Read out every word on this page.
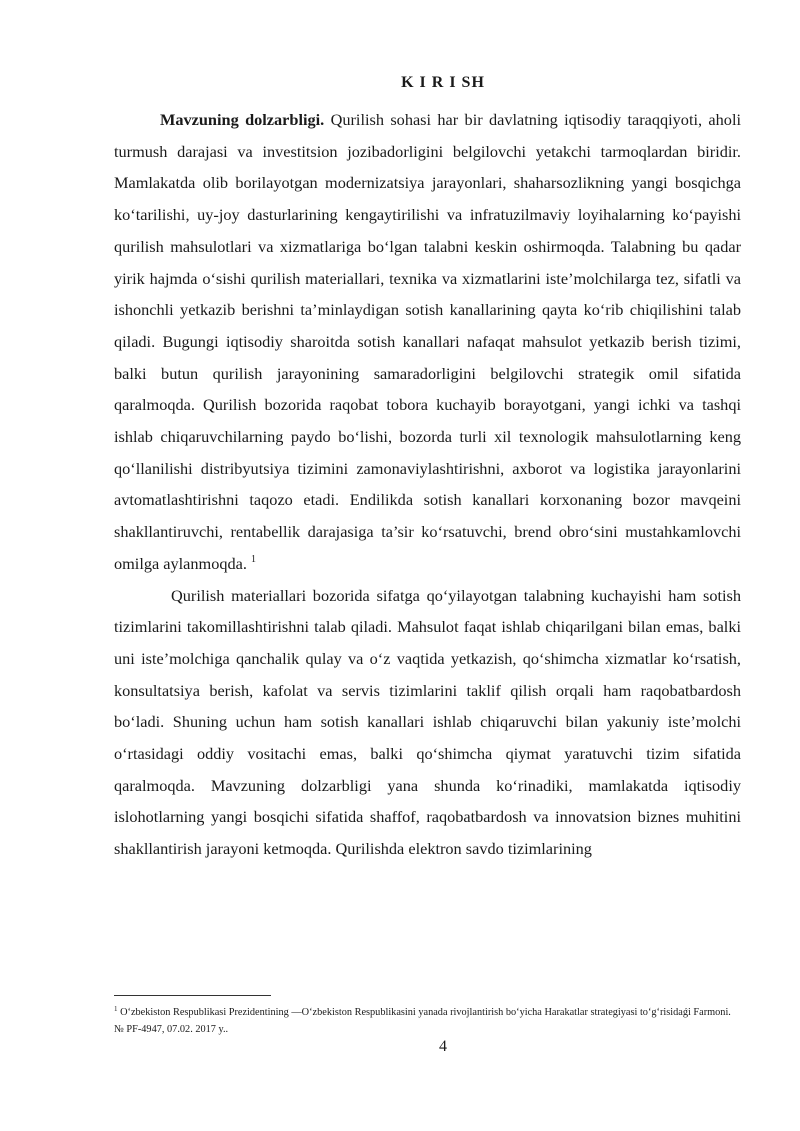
K I R I SH

Mavzuning dolzarbligi. Qurilish sohasi har bir davlatning iqtisodiy taraqqiyoti, aholi turmush darajasi va investitsion jozibadorligini belgilovchi yetakchi tarmoqlardan biridir. Mamlakatda olib borilayotgan modernizatsiya jarayonlari, shaharsozlikning yangi bosqichga ko‘tarilishi, uy-joy dasturlarining kengaytirilishi va infratuzilmaviy loyihalarning ko‘payishi qurilish mahsulotlari va xizmatlariga bo‘lgan talabni keskin oshirmoqda. Talabning bu qadar yirik hajmda o‘sishi qurilish materiallari, texnika va xizmatlarini iste’molchilarga tez, sifatli va ishonchli yetkazib berishni ta’minlaydigan sotish kanallarining qayta ko‘rib chiqilishini talab qiladi. Bugungi iqtisodiy sharoitda sotish kanallari nafaqat mahsulot yetkazib berish tizimi, balki butun qurilish jarayonining samaradorligini belgilovchi strategik omil sifatida qaralmoqda. Qurilish bozorida raqobat tobora kuchayib borayotgani, yangi ichki va tashqi ishlab chiqaruvchilarning paydo bo‘lishi, bozorda turli xil texnologik mahsulotlarning keng qo‘llanilishi distribyutsiya tizimini zamonaviylashtirishni, axborot va logistika jarayonlarini avtomatlashtirishni taqozo etadi. Endilikda sotish kanallari korxonaning bozor mavqeini shakllantiruvchi, rentabellik darajasiga ta’sir ko‘rsatuvchi, brend obro‘sini mustahkamlovchi omilga aylanmoqda. $^1$

Qurilish materiallari bozorida sifatga qo‘yilayotgan talabning kuchayishi ham sotish tizimlarini takomillashtirishni talab qiladi. Mahsulot faqat ishlab chiqarilgani bilan emas, balki uni iste’molchiga qanchalik qulay va o‘z vaqtida yetkazish, qo‘shimcha xizmatlar ko‘rsatish, konsultatsiya berish, kafolat va servis tizimlarini taklif qilish orqali ham raqobatbardosh bo‘ladi. Shuning uchun ham sotish kanallari ishlab chiqaruvchi bilan yakuniy iste’molchi o‘rtasidagi oddiy vositachi emas, balki qo‘shimcha qiymat yaratuvchi tizim sifatida qaralmoqda. Mavzuning dolzarbligi yana shunda ko‘rinadiki, mamlakatda iqtisodiy islohotlarning yangi bosqichi sifatida shaffof, raqobatbardosh va innovatsion biznes muhitini shakllantirish jarayoni ketmoqda. Qurilishda elektron savdo tizimlarining

$^1$ O‘zbekiston Respublikasi Prezidentining —O‘zbekiston Respublikasini yanada rivojlantirish bo‘yicha Harakatlar strategiyasi to‘g‘risidaǵi Farmoni. № PF-4947, 07.02. 2017 y..
4
